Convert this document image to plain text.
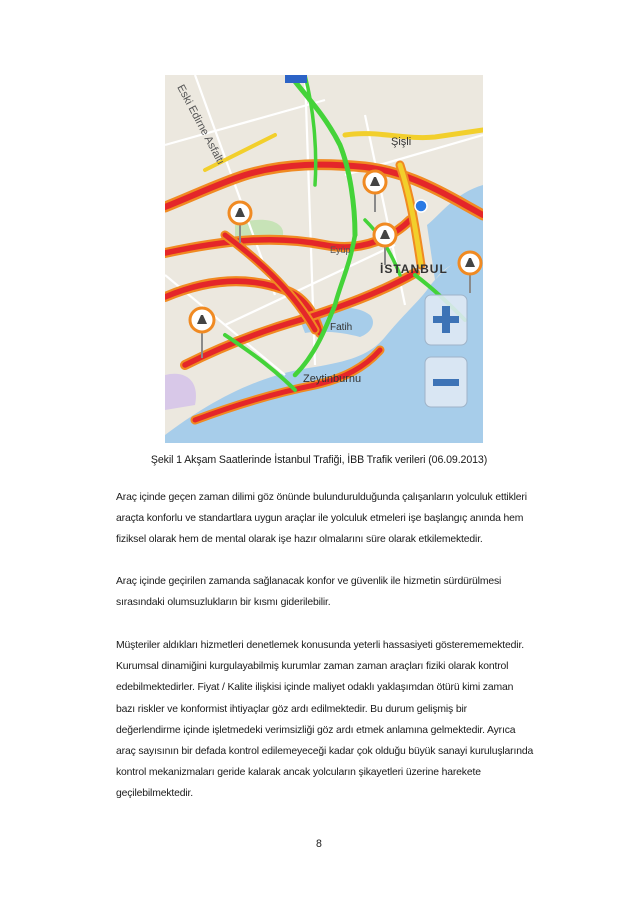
Eski Edirne Asfaltı	Şişli
İSTANBUL
Fatih
Zeytinburnu
Eyüp
Şekil 1 Akşam Saatlerinde İstanbul Trafiği, İBB Trafik verileri (06.09.2013)
Araç içinde geçen zaman dilimi göz önünde bulundurulduğunda çalışanların yolculuk ettikleri
araçta konforlu ve standartlara uygun araçlar ile yolculuk etmeleri işe başlangıç anında hem
fiziksel olarak hem de mental olarak işe hazır olmalarını süre olarak etkilemektedir.
Araç içinde geçirilen zamanda sağlanacak konfor ve güvenlik ile hizmetin sürdürülmesi
sırasındaki olumsuzlukların bir kısmı giderilebilir.
Müşteriler aldıkları hizmetleri denetlemek konusunda yeterli hassasiyeti gösterememektedir.
Kurumsal dinamiğini kurgulayabilmiş kurumlar zaman zaman araçları fiziki olarak kontrol
edebilmektedirler. Fiyat / Kalite ilişkisi içinde maliyet odaklı yaklaşımdan ötürü kimi zaman
bazı riskler ve konformist ihtiyaçlar göz ardı edilmektedir. Bu durum gelişmiş bir
değerlendirme içinde işletmedeki verimsizliği göz ardı etmek anlamına gelmektedir. Ayrıca
araç sayısının bir defada kontrol edilemeyeceği kadar çok olduğu büyük sanayi kuruluşlarında
kontrol mekanizmaları geride kalarak ancak yolcuların şikayetleri üzerine harekete
geçilebilmektedir.
8
